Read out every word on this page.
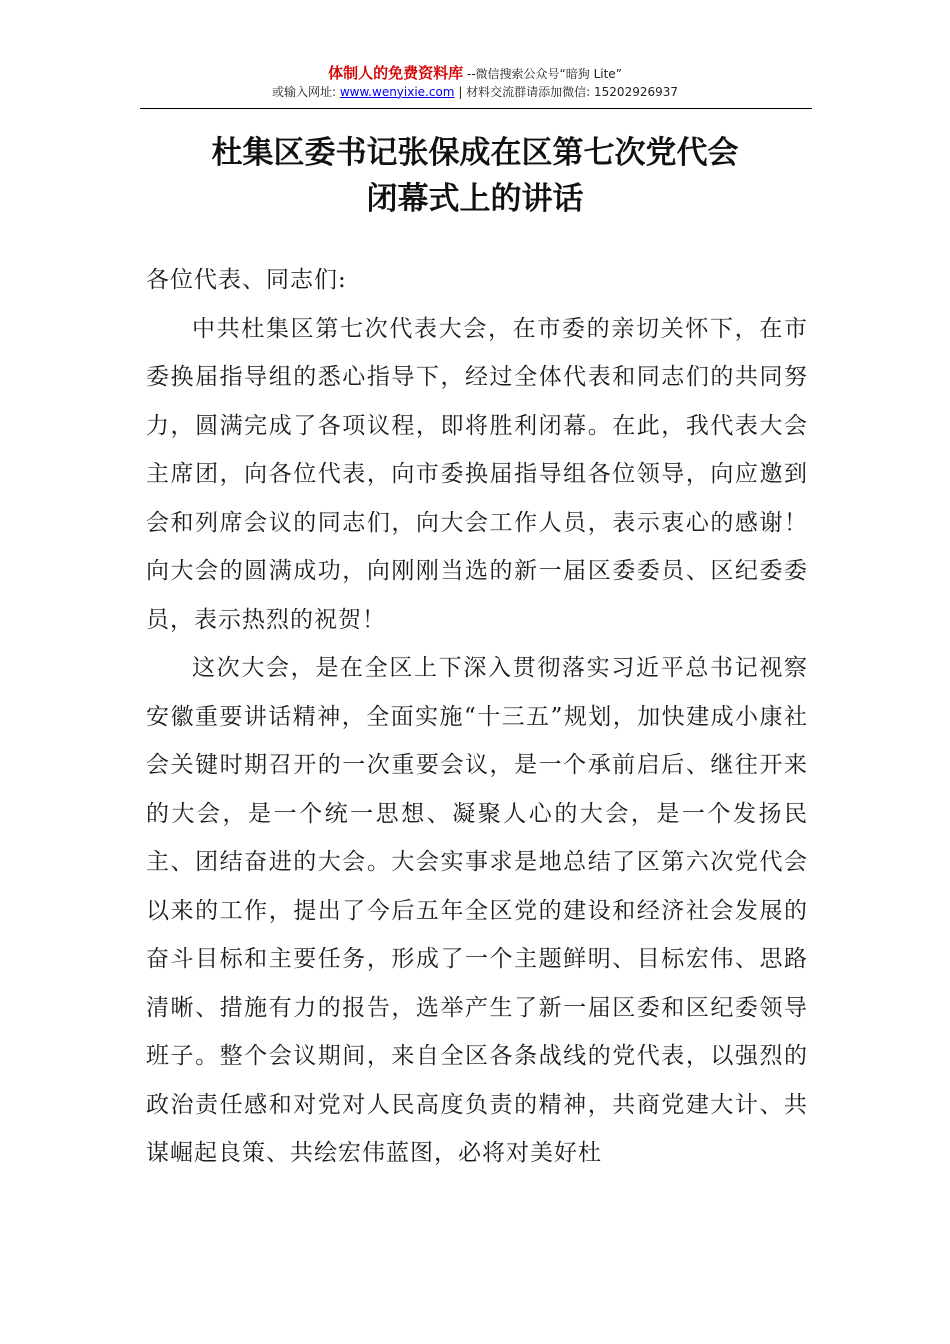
体制人的免费资料库 --微信搜索公众号“暗狗 Lite”
或输入网址: www.wenyixie.com | 材料交流群请添加微信: 15202926937
杜集区委书记张保成在区第七次党代会
闭幕式上的讲话

各位代表、同志们:

中共杜集区第七次代表大会，在市委的亲切关怀下，在市委换届指导组的悉心指导下，经过全体代表和同志们的共同努力，圆满完成了各项议程，即将胜利闭幕。在此，我代表大会主席团，向各位代表，向市委换届指导组各位领导，向应邀到会和列席会议的同志们，向大会工作人员，表示衷心的感谢！向大会的圆满成功，向刚刚当选的新一届区委委员、区纪委委员，表示热烈的祝贺！

这次大会，是在全区上下深入贯彻落实习近平总书记视察安徽重要讲话精神，全面实施“十三五”规划，加快建成小康社会关键时期召开的一次重要会议，是一个承前启后、继往开来的大会，是一个统一思想、凝聚人心的大会，是一个发扬民主、团结奋进的大会。大会实事求是地总结了区第六次党代会以来的工作，提出了今后五年全区党的建设和经济社会发展的奋斗目标和主要任务，形成了一个主题鲜明、目标宏伟、思路清晰、措施有力的报告，选举产生了新一届区委和区纪委领导班子。整个会议期间，来自全区各条战线的党代表，以强烈的政治责任感和对党对人民高度负责的精神，共商党建大计、共谋崛起良策、共绘宏伟蓝图，必将对美好杜
